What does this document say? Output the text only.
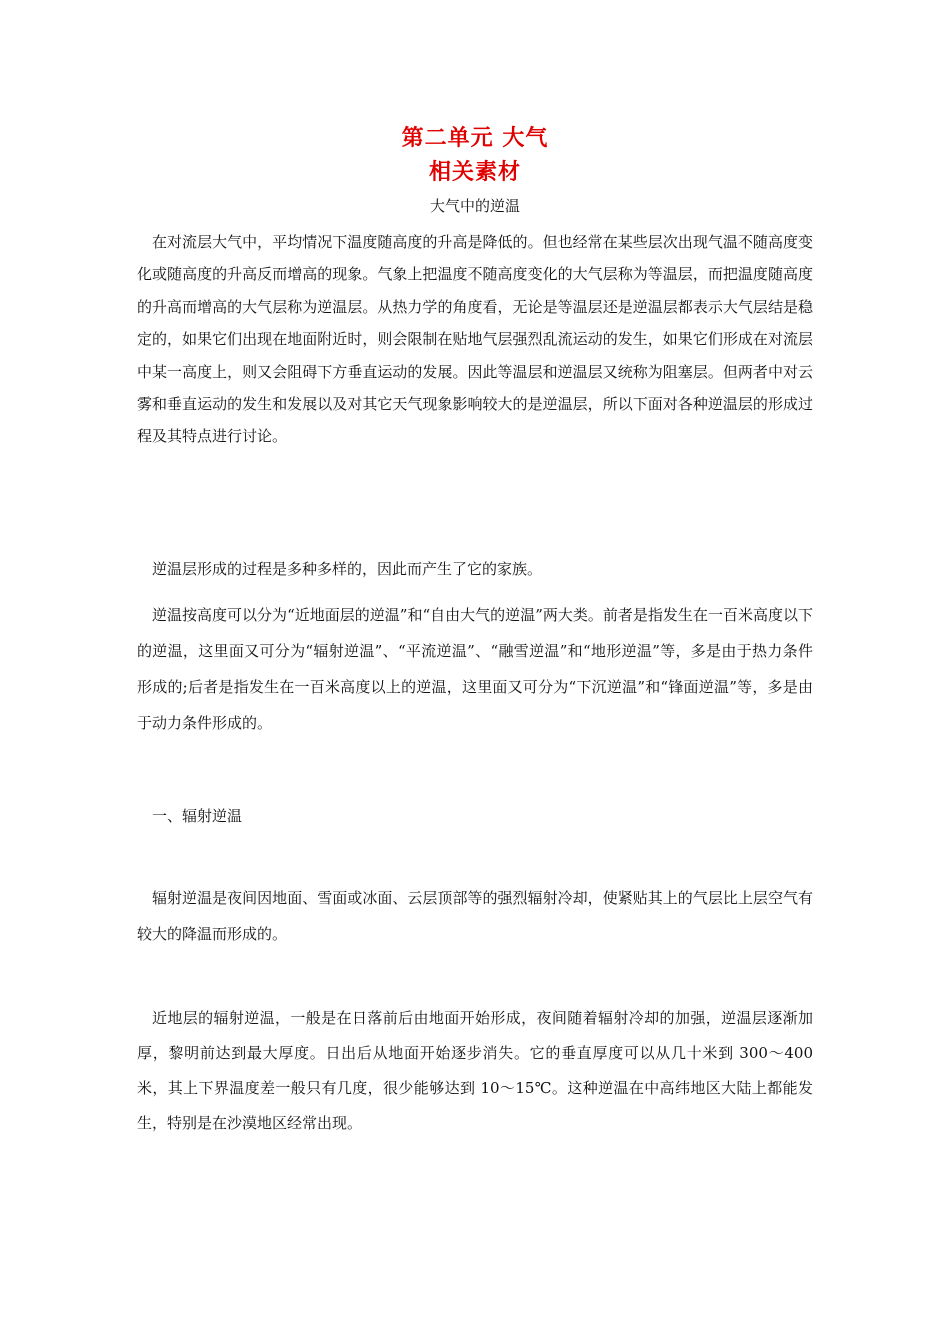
第二单元 大气
相关素材
大气中的逆温

在对流层大气中，平均情况下温度随高度的升高是降低的。但也经常在某些层次出现气温不随高度变化或随高度的升高反而增高的现象。气象上把温度不随高度变化的大气层称为等温层，而把温度随高度的升高而增高的大气层称为逆温层。从热力学的角度看，无论是等温层还是逆温层都表示大气层结是稳定的，如果它们出现在地面附近时，则会限制在贴地气层强烈乱流运动的发生，如果它们形成在对流层中某一高度上，则又会阻碍下方垂直运动的发展。因此等温层和逆温层又统称为阻塞层。但两者中对云雾和垂直运动的发生和发展以及对其它天气现象影响较大的是逆温层，所以下面对各种逆温层的形成过程及其特点进行讨论。

逆温层形成的过程是多种多样的，因此而产生了它的家族。

逆温按高度可以分为“近地面层的逆温”和“自由大气的逆温”两大类。前者是指发生在一百米高度以下的逆温，这里面又可分为“辐射逆温”、“平流逆温”、“融雪逆温”和“地形逆温”等，多是由于热力条件形成的;后者是指发生在一百米高度以上的逆温，这里面又可分为“下沉逆温”和“锋面逆温”等，多是由于动力条件形成的。

一、辐射逆温

辐射逆温是夜间因地面、雪面或冰面、云层顶部等的强烈辐射冷却，使紧贴其上的气层比上层空气有较大的降温而形成的。

近地层的辐射逆温，一般是在日落前后由地面开始形成，夜间随着辐射冷却的加强，逆温层逐渐加厚，黎明前达到最大厚度。日出后从地面开始逐步消失。它的垂直厚度可以从几十米到 300～400 米，其上下界温度差一般只有几度，很少能够达到 10～15℃。这种逆温在中高纬地区大陆上都能发生，特别是在沙漠地区经常出现。
